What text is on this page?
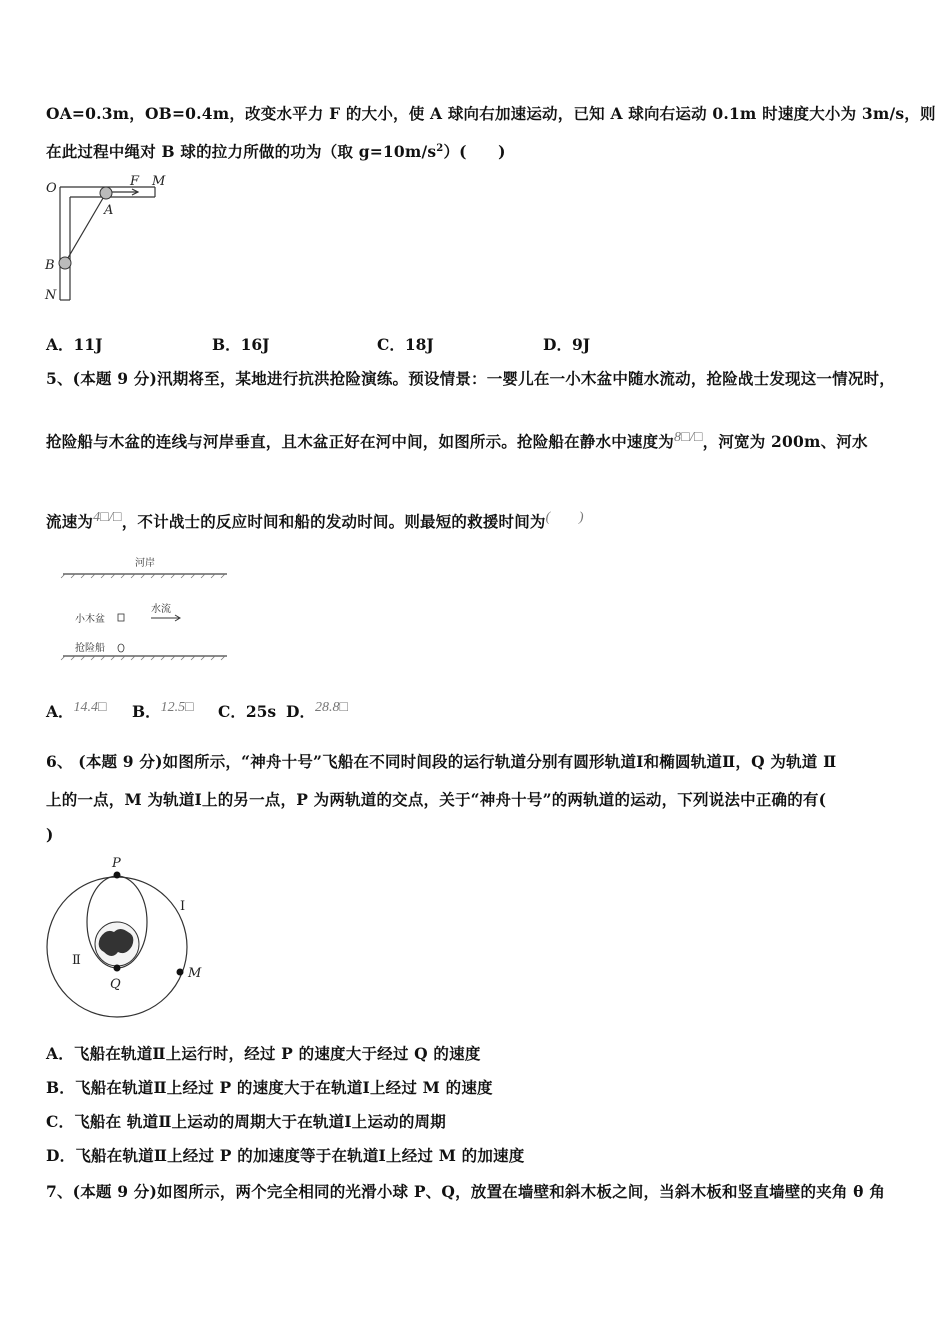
OA=0.3m，OB=0.4m，改变水平力 F 的大小，使 A 球向右加速运动，已知 A 球向右运动 0.1m 时速度大小为 3m/s，则
在此过程中绳对 B 球的拉力所做的功为（取 $g=10m/s^2$）(　　)
O	F M
A
B
N
A．11J	B．16J	C．18J	D．9J
5、(本题 9 分)汛期将至，某地进行抗洪抢险演练。预设情景：一婴儿在一小木盆中随水流动，抢险战士发现这一情况时，
抢险船与木盆的连线与河岸垂直，且木盆正好在河中间，如图所示。抢险船在静水中速度为8□/□，河宽为 200m、河水
流速为4□/□，不计战士的反应时间和船的发动时间。则最短的救援时间为(　　)
河岸
小木盆
水流
抢险船
A．14.4□ B．12.5□ C．25s D．28.8□
6、 (本题 9 分)如图所示，“神舟十号”飞船在不同时间段的运行轨道分别有圆形轨道Ⅰ和椭圆轨道Ⅱ，Q 为轨道 Ⅱ
上的一点，M 为轨道Ⅰ上的另一点，P 为两轨道的交点，关于“神舟十号”的两轨道的运动，下列说法中正确的有(
)
P
Q
M
Ⅰ
Ⅱ
A．飞船在轨道Ⅱ上运行时，经过 P 的速度大于经过 Q 的速度
B．飞船在轨道Ⅱ上经过 P 的速度大于在轨道Ⅰ上经过 M 的速度
C．飞船在 轨道Ⅱ上运动的周期大于在轨道Ⅰ上运动的周期
D．飞船在轨道Ⅱ上经过 P 的加速度等于在轨道Ⅰ上经过 M 的加速度
7、(本题 9 分)如图所示，两个完全相同的光滑小球 P、Q，放置在墙壁和斜木板之间，当斜木板和竖直墙壁的夹角 θ 角
